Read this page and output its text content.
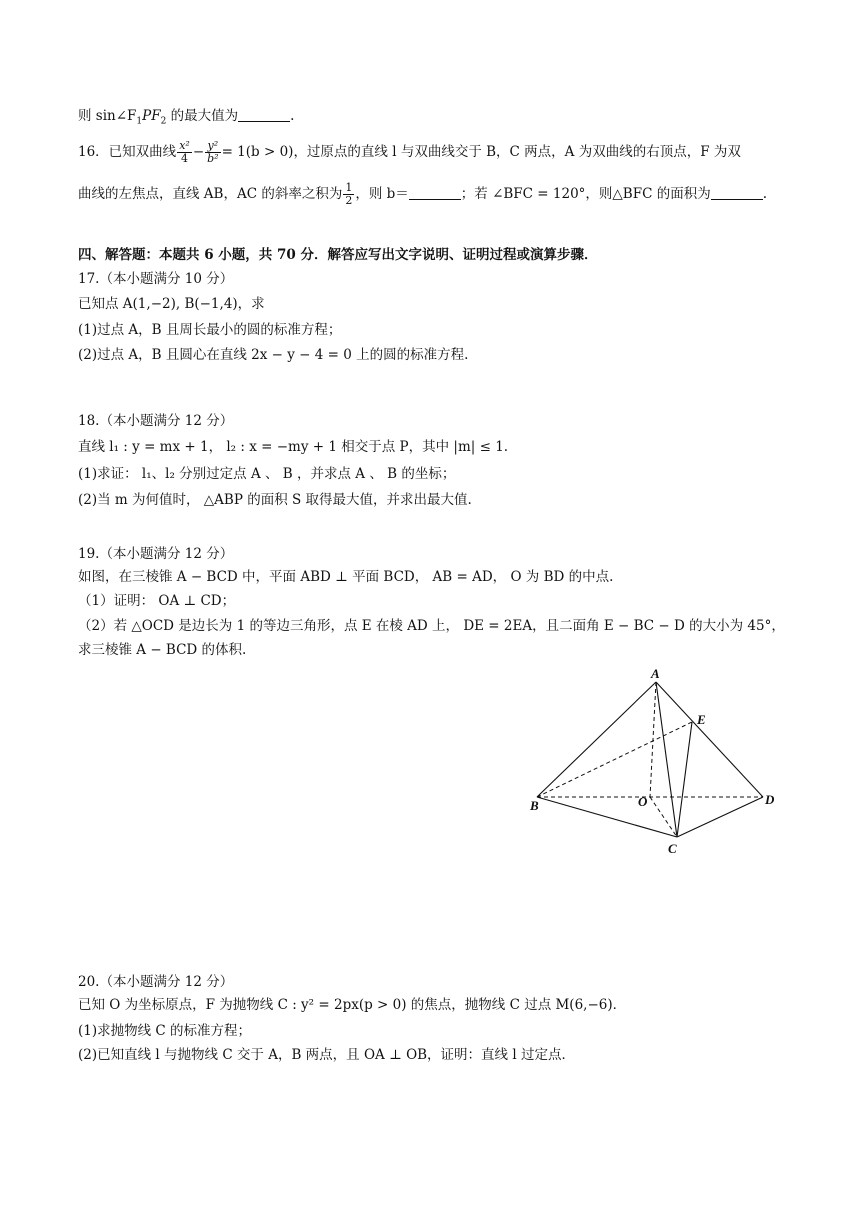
则 $\sin\angle F_1PF_2$ 的最大值为	.
16．已知双曲线 $\frac{\text{x²}}{4} - \frac{\text{y²}}{\text{b²}} = 1(b > 0)$，过原点的直线 l 与双曲线交于 B，C 两点，A 为双曲线的右顶点，F 为双
曲线的左焦点，直线 AB，AC 的斜率之积为 $\frac{1}{2}$ ，则 b＝	；若 ∠BFC = 120°，则△BFC 的面积为	.
四、解答题：本题共 6 小题，共 70 分．解答应写出文字说明、证明过程或演算步骤．
17.（本小题满分 10 分）
已知点 A(1,−2), B(−1,4)，求
(1)过点 A，B 且周长最小的圆的标准方程；
(2)过点 A，B 且圆心在直线 2x − y − 4 = 0 上的圆的标准方程.
18.（本小题满分 12 分）
直线 l₁ : y = mx + 1， l₂ : x = −my + 1 相交于点 P，其中 |m| ≤ 1.
(1)求证： l₁、l₂ 分别过定点 A 、 B ，并求点 A 、 B 的坐标；
(2)当 m 为何值时， △ABP 的面积 S 取得最大值，并求出最大值.
19.（本小题满分 12 分）
如图，在三棱锥 A − BCD 中，平面 ABD ⊥ 平面 BCD， AB = AD， O 为 BD 的中点.
（1）证明： OA ⊥ CD；
（2）若 △OCD 是边长为 1 的等边三角形，点 E 在棱 AD 上， DE = 2EA，且二面角 E − BC − D 的大小为 45°，
求三棱锥 A − BCD 的体积.
A
E
B	O	D
C
20.（本小题满分 12 分）
已知 O 为坐标原点，F 为抛物线 C : y² = 2px(p > 0) 的焦点，抛物线 C 过点 M(6,−6)．
(1)求抛物线 C 的标准方程；
(2)已知直线 l 与抛物线 C 交于 A，B 两点，且 OA ⊥ OB，证明：直线 l 过定点．
